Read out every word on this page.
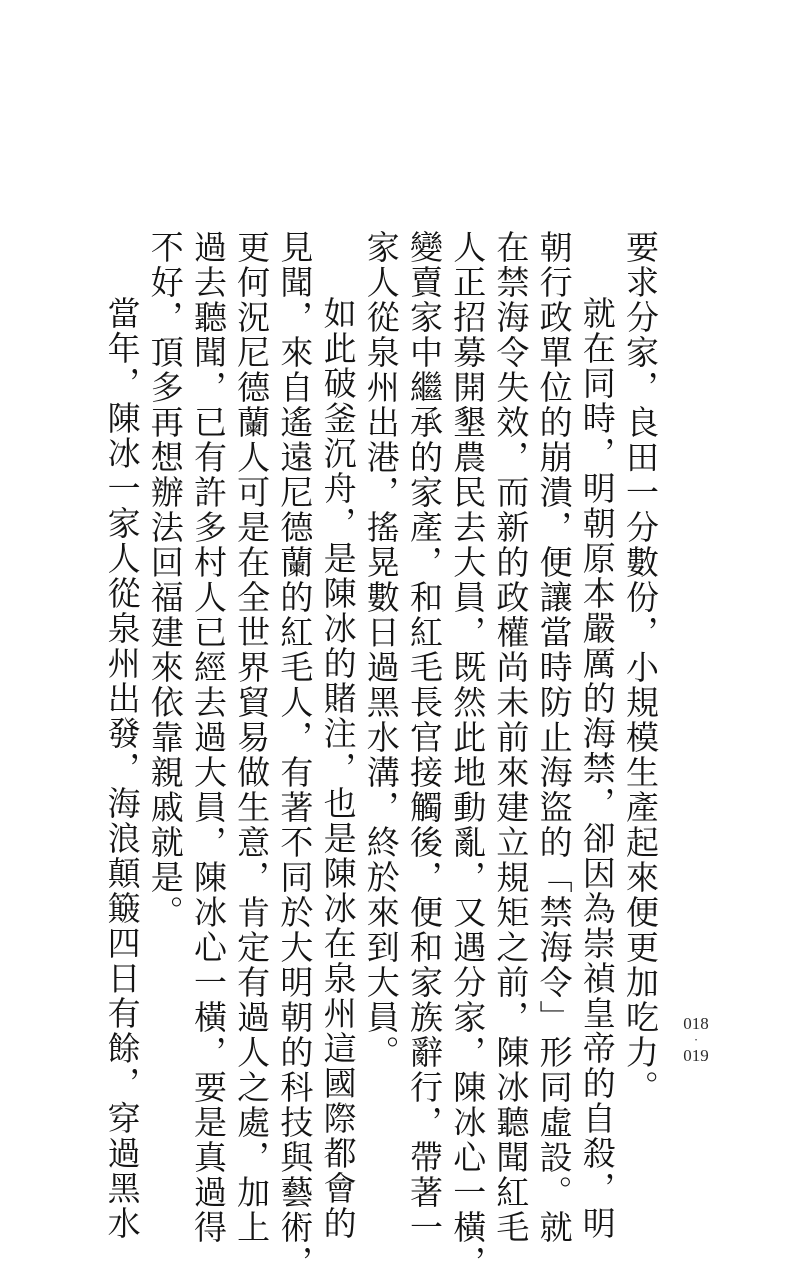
要求分家，良田一分數份，小規模生產起來便更加吃力。

就在同時，明朝原本嚴厲的海禁，卻因為崇禎皇帝的自殺，明

朝行政單位的崩潰，便讓當時防止海盜的「禁海令」形同虛設。就

在禁海令失效，而新的政權尚未前來建立規矩之前，陳冰聽聞紅毛

人正招募開墾農民去大員，既然此地動亂，又遇分家，陳冰心一橫，

變賣家中繼承的家產，和紅毛長官接觸後，便和家族辭行，帶著一

家人從泉州出港，搖晃數日過黑水溝，終於來到大員。

如此破釜沉舟，是陳冰的賭注，也是陳冰在泉州這國際都會的

見聞，來自遙遠尼德蘭的紅毛人，有著不同於大明朝的科技與藝術，

更何況尼德蘭人可是在全世界貿易做生意，肯定有過人之處，加上

過去聽聞，已有許多村人已經去過大員，陳冰心一橫，要是真過得

不好，頂多再想辦法回福建來依靠親戚就是。

當年，陳冰一家人從泉州出發，海浪顛簸四日有餘，穿過黑水	018
·
019
